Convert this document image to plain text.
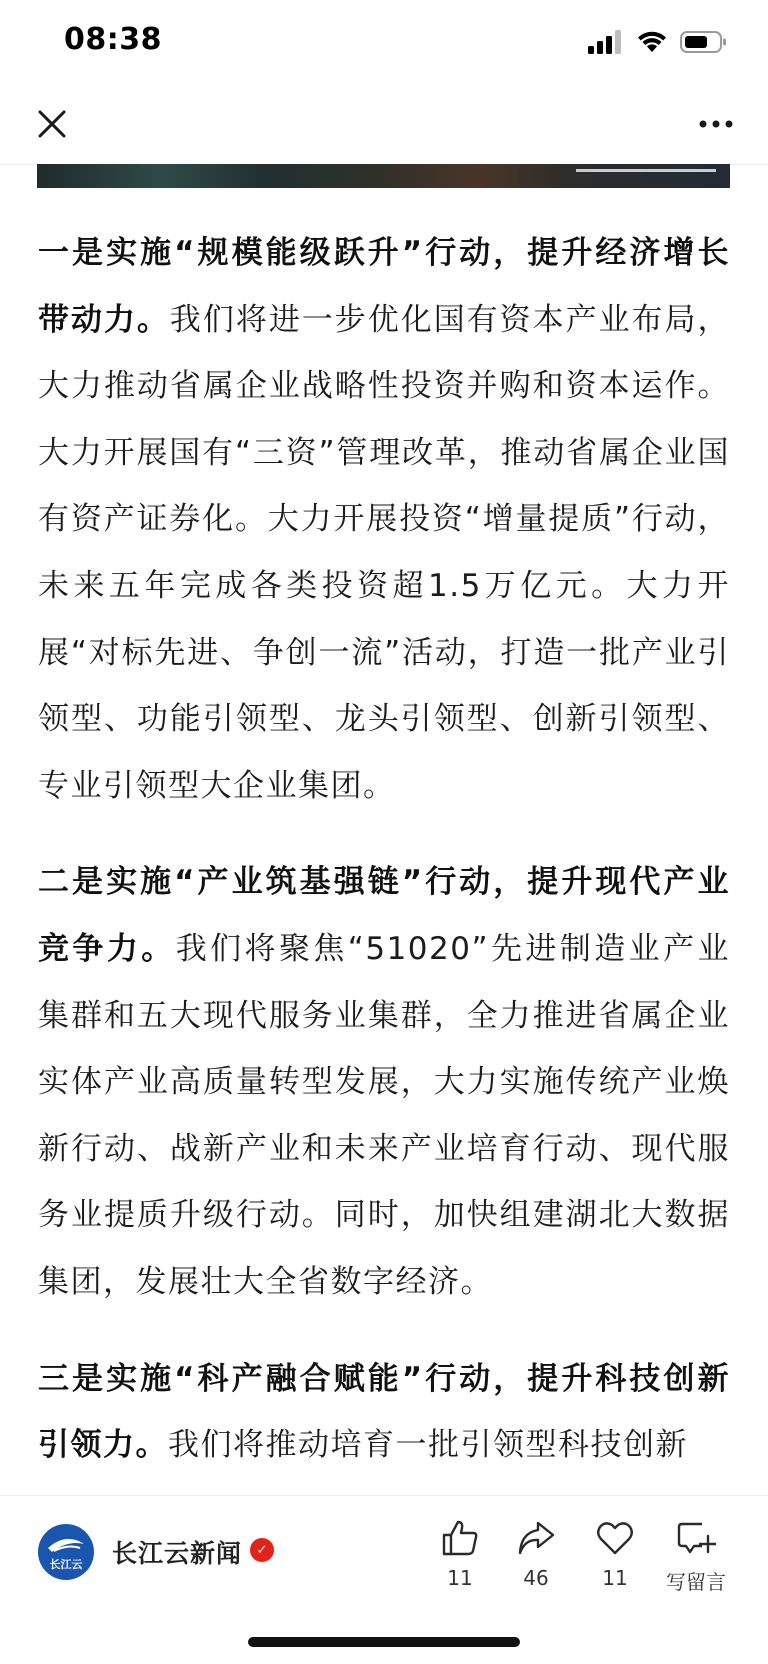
08:38

一是实施“规模能级跃升”行动，提升经济增长带动力。我们将进一步优化国有资本产业布局，大力推动省属企业战略性投资并购和资本运作。大力开展国有“三资”管理改革，推动省属企业国有资产证券化。大力开展投资“增量提质”行动，未来五年完成各类投资超1.5万亿元。大力开展“对标先进、争创一流”活动，打造一批产业引领型、功能引领型、龙头引领型、创新引领型、专业引领型大企业集团。

二是实施“产业筑基强链”行动，提升现代产业竞争力。我们将聚焦“51020”先进制造业产业集群和五大现代服务业集群，全力推进省属企业实体产业高质量转型发展，大力实施传统产业焕新行动、战新产业和未来产业培育行动、现代服务业提质升级行动。同时，加快组建湖北大数据集团，发展壮大全省数字经济。

三是实施“科产融合赋能”行动，提升科技创新引领力。我们将推动培育一批引领型科技创新

长江云	长江云新闻	✓
11	46	11	写留言
